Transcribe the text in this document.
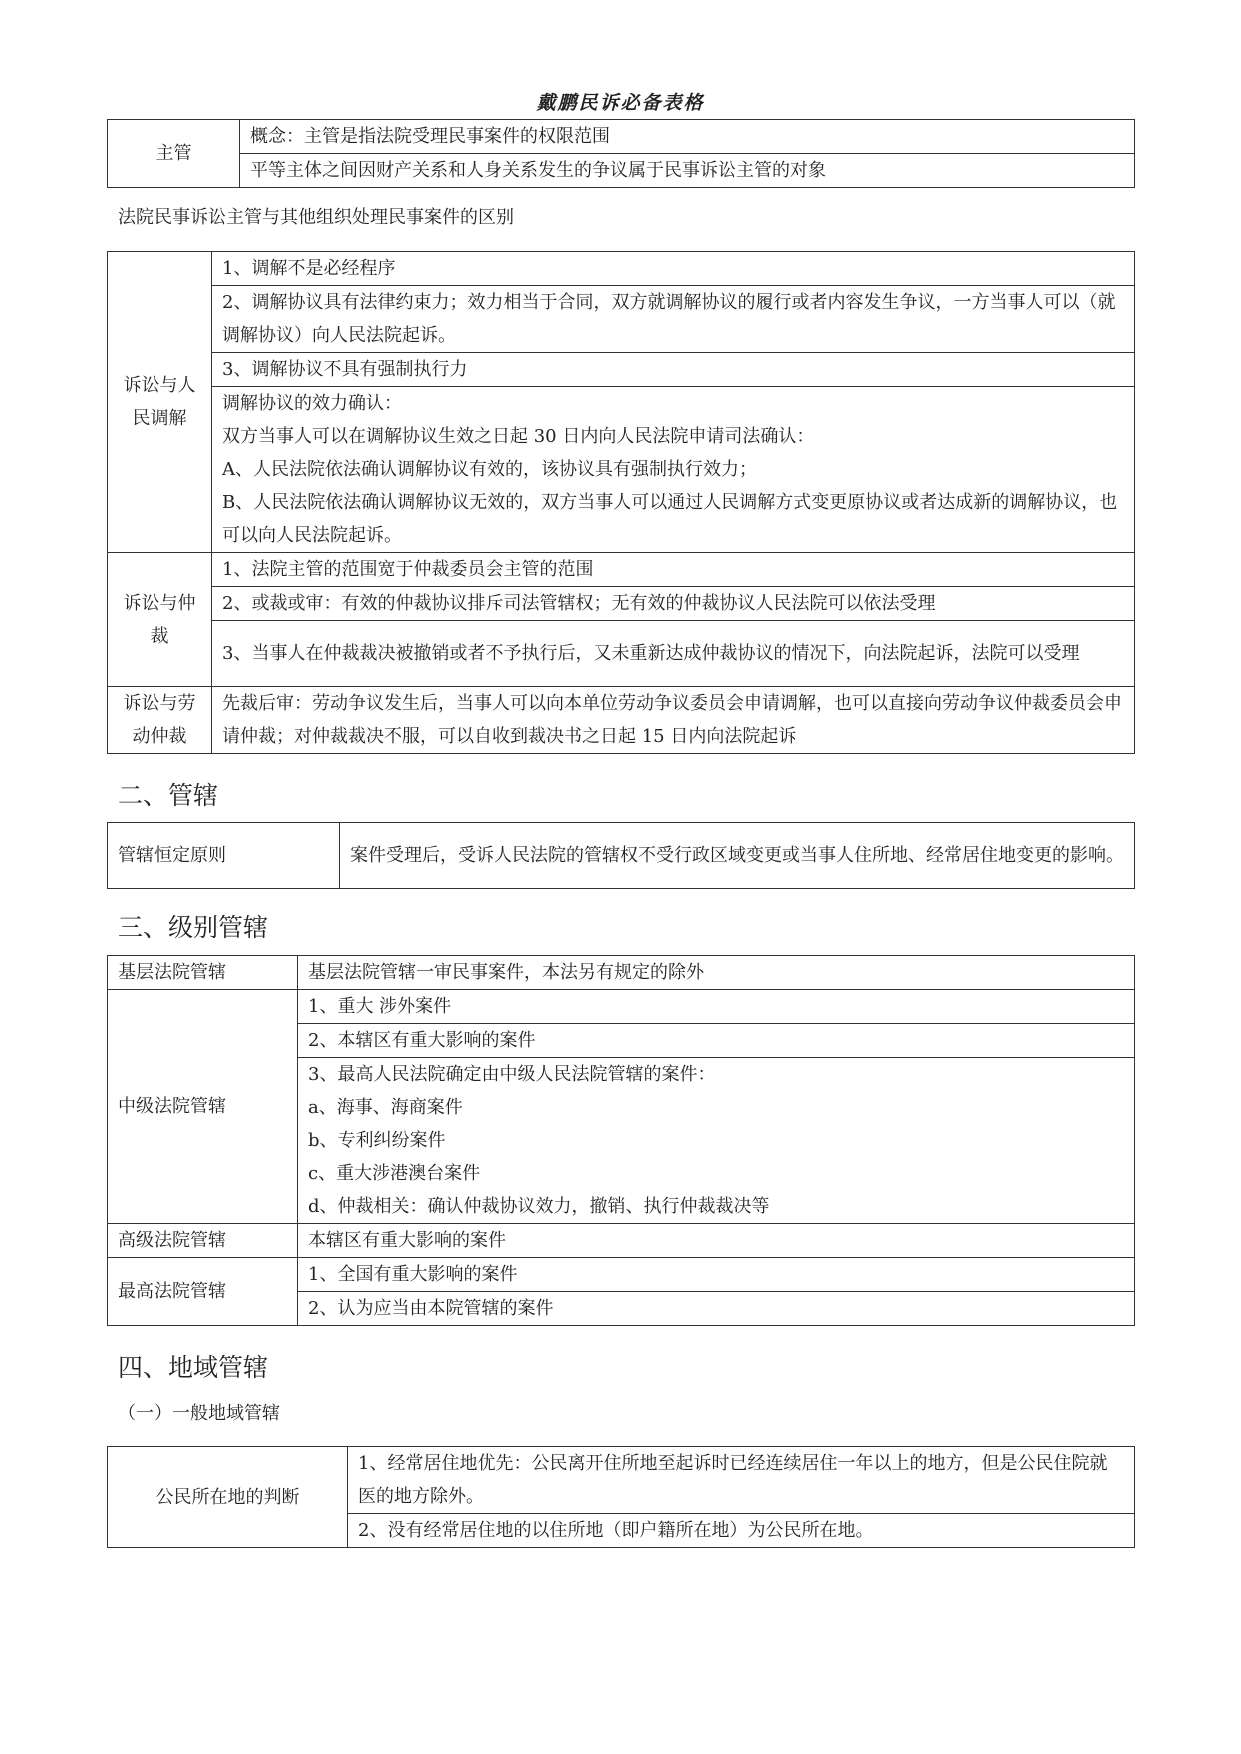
戴鹏民诉必备表格
主管	概念：主管是指法院受理民事案件的权限范围
平等主体之间因财产关系和人身关系发生的争议属于民事诉讼主管的对象
法院民事诉讼主管与其他组织处理民事案件的区别
诉讼与人民调解	1、调解不是必经程序
	2、调解协议具有法律约束力；效力相当于合同，双方就调解协议的履行或者内容发生争议，一方当事人可以（就调解协议）向人民法院起诉。
	3、调解协议不具有强制执行力

	调解协议的效力确认：
双方当事人可以在调解协议生效之日起 30 日内向人民法院申请司法确认：
A、人民法院依法确认调解协议有效的，该协议具有强制执行效力；
B、人民法院依法确认调解协议无效的，双方当事人可以通过人民调解方式变更原协议或者达成新的调解协议，也可以向人民法院起诉。

诉讼与仲裁	1、法院主管的范围宽于仲裁委员会主管的范围
	2、或裁或审：有效的仲裁协议排斥司法管辖权；无有效的仲裁协议人民法院可以依法受理
	3、当事人在仲裁裁决被撤销或者不予执行后，又未重新达成仲裁协议的情况下，向法院起诉，法院可以受理
诉讼与劳动仲裁	先裁后审：劳动争议发生后，当事人可以向本单位劳动争议委员会申请调解，也可以直接向劳动争议仲裁委员会申请仲裁；对仲裁裁决不服，可以自收到裁决书之日起 15 日内向法院起诉
二、管辖
管辖恒定原则	案件受理后，受诉人民法院的管辖权不受行政区域变更或当事人住所地、经常居住地变更的影响。
三、级别管辖
基层法院管辖	基层法院管辖一审民事案件，本法另有规定的除外
中级法院管辖	1、重大 涉外案件
	2、本辖区有重大影响的案件

	3、最高人民法院确定由中级人民法院管辖的案件：
a、海事、海商案件
b、专利纠纷案件
c、重大涉港澳台案件
d、仲裁相关：确认仲裁协议效力，撤销、执行仲裁裁决等

高级法院管辖	本辖区有重大影响的案件
最高法院管辖	1、全国有重大影响的案件
	2、认为应当由本院管辖的案件
四、地域管辖
（一）一般地域管辖
公民所在地的判断	1、经常居住地优先：公民离开住所地至起诉时已经连续居住一年以上的地方，但是公民住院就医的地方除外。
2、没有经常居住地的以住所地（即户籍所在地）为公民所在地。
